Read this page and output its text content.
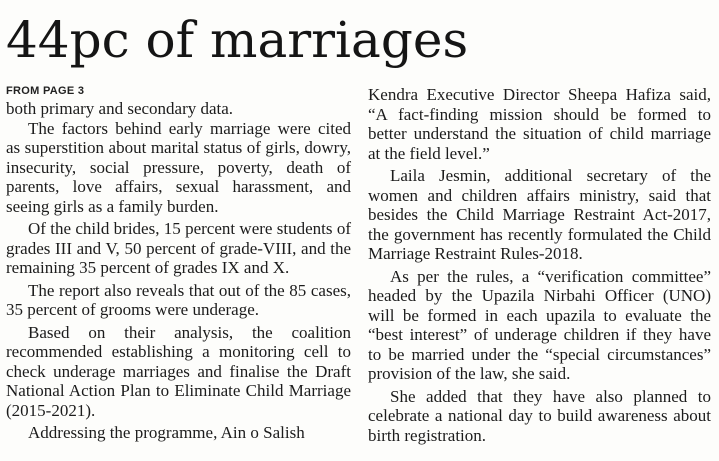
44pc of marriages
FROM PAGE 3

both primary and secondary data.

The factors behind early marriage were cited as superstition about marital status of girls, dowry, insecurity, social pressure, poverty, death of parents, love affairs, sexual harassment, and seeing girls as a family burden.

Of the child brides, 15 percent were students of grades III and V, 50 percent of grade-VIII, and the remaining 35 percent of grades IX and X.

The report also reveals that out of the 85 cases, 35 percent of grooms were underage.

Based on their analysis, the coalition recommended establishing a monitoring cell to check underage marriages and finalise the Draft National Action Plan to Eliminate Child Marriage (2015-2021).

Addressing the programme, Ain o Salish

Kendra Executive Director Sheepa Hafiza said, “A fact-finding mission should be formed to better understand the situation of child marriage at the field level.”

Laila Jesmin, additional secretary of the women and children affairs ministry, said that besides the Child Marriage Restraint Act-2017, the government has recently formulated the Child Marriage Restraint Rules-2018.

As per the rules, a “verification committee” headed by the Upazila Nirbahi Officer (UNO) will be formed in each upazila to evaluate the “best interest” of underage children if they have to be married under the “special circumstances” provision of the law, she said.

She added that they have also planned to celebrate a national day to build awareness about birth registration.
